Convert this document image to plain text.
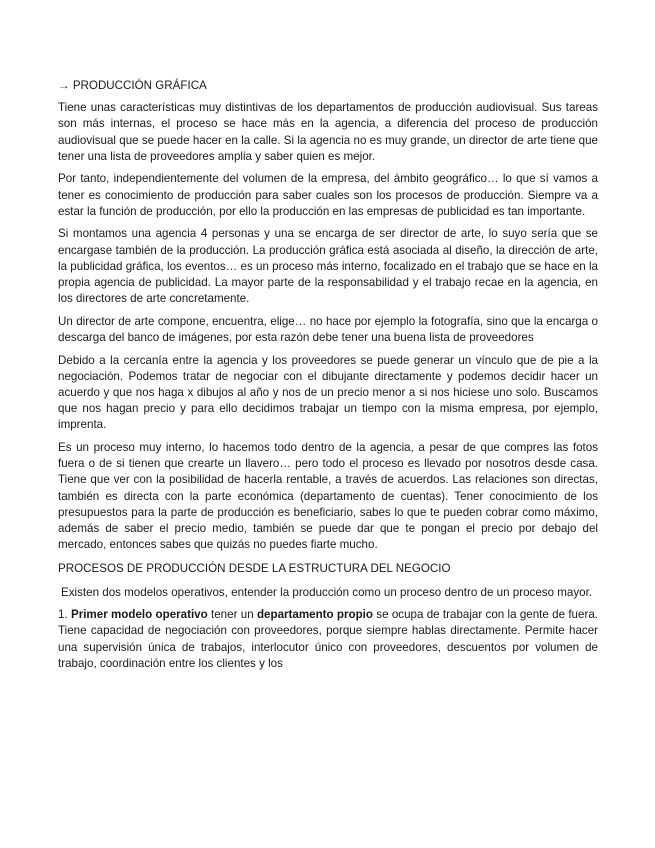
→ PRODUCCIÓN GRÁFICA

Tiene unas características muy distintivas de los departamentos de producción audiovisual. Sus tareas son más internas, el proceso se hace más en la agencia, a diferencia del proceso de producción audiovisual que se puede hacer en la calle. Si la agencia no es muy grande, un director de arte tiene que tener una lista de proveedores amplia y saber quien es mejor.

Por tanto, independientemente del volumen de la empresa, del ámbito geográfico… lo que sí vamos a tener es conocimiento de producción para saber cuales son los procesos de producción. Siempre va a estar la función de producción, por ello la producción en las empresas de publicidad es tan importante.

Si montamos una agencia 4 personas y una se encarga de ser director de arte, lo suyo sería que se encargase también de la producción. La producción gráfica está asociada al diseño, la dirección de arte, la publicidad gráfica, los eventos… es un proceso más interno, focalizado en el trabajo que se hace en la propia agencia de publicidad. La mayor parte de la responsabilidad y el trabajo recae en la agencia, en los directores de arte concretamente.

Un director de arte compone, encuentra, elige… no hace por ejemplo la fotografía, sino que la encarga o descarga del banco de imágenes, por esta razón debe tener una buena lista de proveedores

Debido a la cercanía entre la agencia y los proveedores se puede generar un vínculo que de pie a la negociación. Podemos tratar de negociar con el dibujante directamente y podemos decidir hacer un acuerdo y que nos haga x dibujos al año y nos de un precio menor a si nos hiciese uno solo. Buscamos que nos hagan precio y para ello decidimos trabajar un tiempo con la misma empresa, por ejemplo, imprenta.

Es un proceso muy interno, lo hacemos todo dentro de la agencia, a pesar de que compres las fotos fuera o de si tienen que crearte un llavero… pero todo el proceso es llevado por nosotros desde casa. Tiene que ver con la posibilidad de hacerla rentable, a través de acuerdos. Las relaciones son directas, también es directa con la parte económica (departamento de cuentas). Tener conocimiento de los presupuestos para la parte de producción es beneficiario, sabes lo que te pueden cobrar como máximo, además de saber el precio medio, también se puede dar que te pongan el precio por debajo del mercado, entonces sabes que quizás no puedes fiarte mucho.

PROCESOS DE PRODUCCIÓN DESDE LA ESTRUCTURA DEL NEGOCIO

Existen dos modelos operativos, entender la producción como un proceso dentro de un proceso mayor.

1. Primer modelo operativo tener un departamento propio se ocupa de trabajar con la gente de fuera. Tiene capacidad de negociación con proveedores, porque siempre hablas directamente. Permite hacer una supervisión única de trabajos, interlocutor único con proveedores, descuentos por volumen de trabajo, coordinación entre los clientes y los
